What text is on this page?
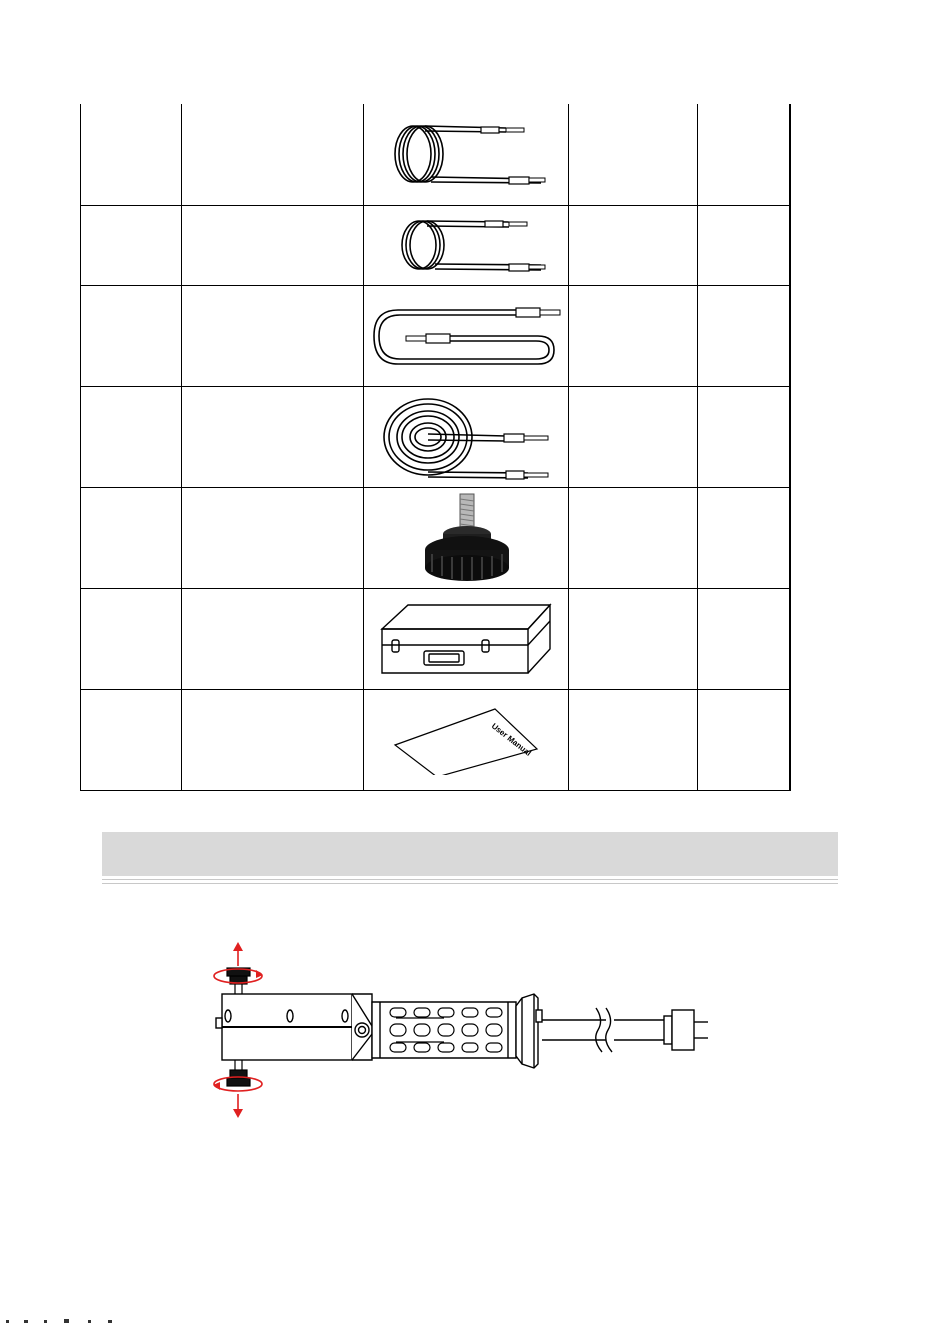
User Manual		
